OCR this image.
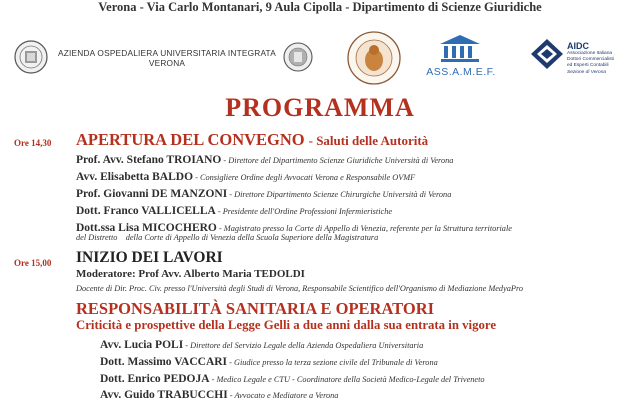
Verona - Via Carlo Montanari, 9 Aula Cipolla - Dipartimento di Scienze Giuridiche
ASS.A.M.E.F.
AIDC
Associazione Italiana
Dottori Commercialisti
ed Esperti Contabili
Sezione di Verona
AZIENDA OSPEDALIERA UNIVERSITARIA INTEGRATA
VERONA
PROGRAMMA
Ore 14,30 APERTURA DEL CONVEGNO - Saluti delle Autorità
Prof. Avv. Stefano TROIANO - Direttore del Dipartimento Scienze Giuridiche Università di Verona
Avv. Elisabetta BALDO - Consigliere Ordine degli Avvocati Verona e Responsabile OVMF
Prof. Giovanni DE MANZONI - Direttore Dipartimento Scienze Chirurgiche Università di Verona
Dott. Franco VALLICELLA - Presidente dell'Ordine Professioni Infermieristiche
Dott.ssa Lisa MICOCHERO - Magistrato presso la Corte di Appello di Venezia, referente per la Struttura territoriale
del Distretto    della Corte di Appello di Venezia della Scuola Superiore della Magistratura
Ore 15,00 INIZIO DEI LAVORI
Moderatore: Prof Avv. Alberto Maria TEDOLDI
Docente di Dir. Proc. Civ. presso l'Università degli Studi di Verona, Responsabile Scientifico dell'Organismo di Mediazione MedyaPro
RESPONSABILITÀ SANITARIA E OPERATORI
Criticità e prospettive della Legge Gelli a due anni dalla sua entrata in vigore
Avv. Lucia POLI - Direttore del Servizio Legale della Azienda Ospedaliera Universitaria
Dott. Massimo VACCARI - Giudice presso la terza sezione civile del Tribunale di Verona
Dott. Enrico PEDOJA - Medico Legale e CTU - Coordinatore della Società Medico-Legale del Triveneto
Avv. Guido TRABUCCHI - Avvocato e Mediatore a Verona
